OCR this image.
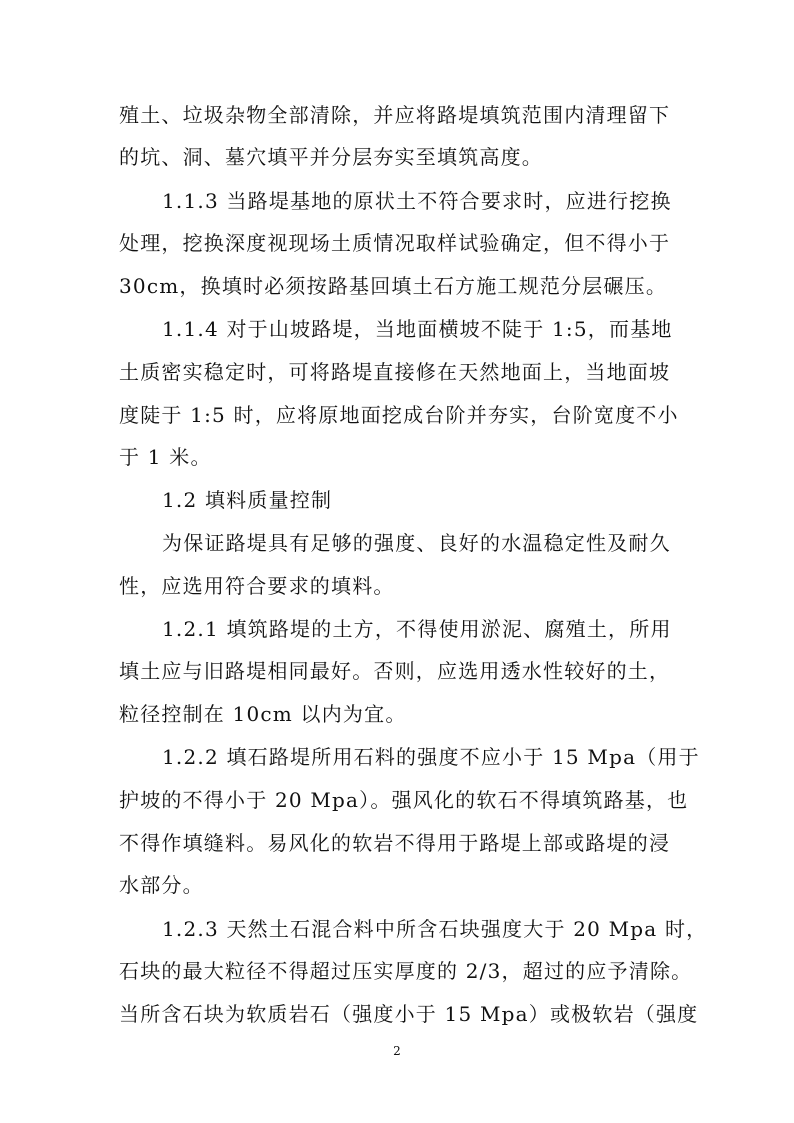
殖土、垃圾杂物全部清除，并应将路堤填筑范围内清理留下
的坑、洞、墓穴填平并分层夯实至填筑高度。
1.1.3 当路堤基地的原状土不符合要求时，应进行挖换
处理，挖换深度视现场土质情况取样试验确定，但不得小于
30cm，换填时必须按路基回填土石方施工规范分层碾压。
1.1.4 对于山坡路堤，当地面横坡不陡于 1:5，而基地
土质密实稳定时，可将路堤直接修在天然地面上，当地面坡
度陡于 1:5 时，应将原地面挖成台阶并夯实，台阶宽度不小
于 1 米。
1.2 填料质量控制
为保证路堤具有足够的强度、良好的水温稳定性及耐久
性，应选用符合要求的填料。
1.2.1 填筑路堤的土方，不得使用淤泥、腐殖土，所用
填土应与旧路堤相同最好。否则，应选用透水性较好的土，
粒径控制在 10cm 以内为宜。
1.2.2 填石路堤所用石料的强度不应小于 15 Mpa（用于
护坡的不得小于 20 Mpa）。强风化的软石不得填筑路基，也
不得作填缝料。易风化的软岩不得用于路堤上部或路堤的浸
水部分。
1.2.3 天然土石混合料中所含石块强度大于 20 Mpa 时，
石块的最大粒径不得超过压实厚度的 2/3，超过的应予清除。
当所含石块为软质岩石（强度小于 15 Mpa）或极软岩（强度
2
